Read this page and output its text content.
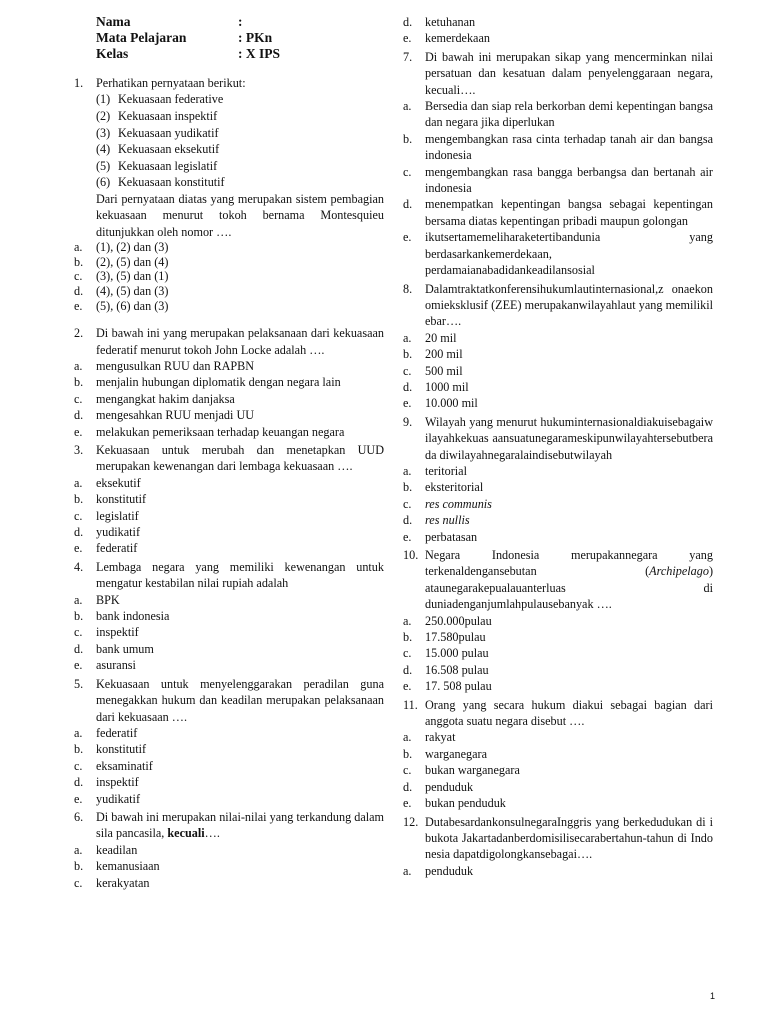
Nama	:
Mata Pelajaran	: PKn
Kelas	: X IPS
1.	Perhatikan pernyataan berikut:
(1) Kekuasaan federative
(2) Kekuasaan inspektif
(3) Kekuasaan yudikatif
(4) Kekuasaan eksekutif
(5) Kekuasaan legislatif
(6) Kekuasaan konstitutif
Dari pernyataan diatas yang merupakan sistem pembagian kekuasaan menurut tokoh bernama Montesquieu ditunjukkan oleh nomor ….
a.	(1), (2) dan (3)
b.	(2), (5) dan (4)
c.	(3), (5) dan (1)
d.	(4), (5) dan (3)
e.	(5), (6) dan (3)
2.	Di bawah ini yang merupakan pelaksanaan dari kekuasaan federatif menurut tokoh John Locke adalah ….
a.	mengusulkan RUU dan RAPBN
b.	menjalin hubungan diplomatik dengan negara lain
c.	mengangkat hakim danjaksa
d.	mengesahkan RUU menjadi UU
e.	melakukan pemeriksaan terhadap keuangan negara
3.	Kekuasaan untuk merubah dan menetapkan UUD merupakan kewenangan dari lembaga kekuasaan ….
a.	eksekutif
b.	konstitutif
c.	legislatif
d.	yudikatif
e.	federatif
4.	Lembaga negara yang memiliki kewenangan untuk mengatur kestabilan nilai rupiah adalah
a.	BPK
b.	bank indonesia
c.	inspektif
d.	bank umum
e.	asuransi
5.	Kekuasaan untuk menyelenggarakan peradilan guna menegakkan hukum dan keadilan merupakan pelaksanaan dari kekuasaan ….
a.	federatif
b.	konstitutif
c.	eksaminatif
d.	inspektif
e.	yudikatif
6.	Di bawah ini merupakan nilai-nilai yang terkandung dalam sila pancasila, kecuali….
a.	keadilan
b.	kemanusiaan
c.	kerakyatan
d.	ketuhanan
e.	kemerdekaan
7.	Di bawah ini merupakan sikap yang mencerminkan nilai persatuan dan kesatuan dalam penyelenggaraan negara, kecuali….
a.	Bersedia dan siap rela berkorban demi kepentingan bangsa dan negara jika diperlukan
b.	mengembangkan rasa cinta terhadap tanah air dan bangsa indonesia
c.	mengembangkan rasa bangga berbangsa dan bertanah air indonesia
d.	menempatkan kepentingan bangsa sebagai kepentingan bersama diatas kepentingan pribadi maupun golongan
e.	ikutsertamemeliharaketertibandunia yang berdasarkankemerdekaan, perdamaianabadidankeadilansosial
8.	Dalamtraktatkonferensihukumlautinternasional,z onaekonomieksklusif (ZEE) merupakanwilayahlaut yang memilikilebar….
a.	20 mil
b.	200 mil
c.	500 mil
d.	1000 mil
e.	10.000 mil
9.	Wilayah yang menurut hukuminternasionaldiakuisebagaiwilayahkekuas aansuatunegarameskipunwilayahtersebutberada diwilayahnegaralaindisebutwilayah
a.	teritorial
b.	eksteritorial
c.	res communis
d.	res nullis
e.	perbatasan
10. Negara Indonesia merupakannegara yang terkenaldengansebutan (Archipelago) ataunegarakepualauanterluas di duniadenganjumlahpulausebanyak ….
a.	250.000pulau
b.	17.580pulau
c.	15.000 pulau
d.	16.508 pulau
e.	17. 508 pulau
11. Orang yang secara hukum diakui sebagai bagian dari anggota suatu negara disebut ….
a.	rakyat
b.	warganegara
c.	bukan warganegara
d.	penduduk
e.	bukan penduduk
12. DutabesardankonsulnegaraInggris yang berkedudukan di ibukota Jakartadanberdomisilisecarabertahun-tahun di Indonesia dapatdigolongkansebagai….
a.	penduduk
1
